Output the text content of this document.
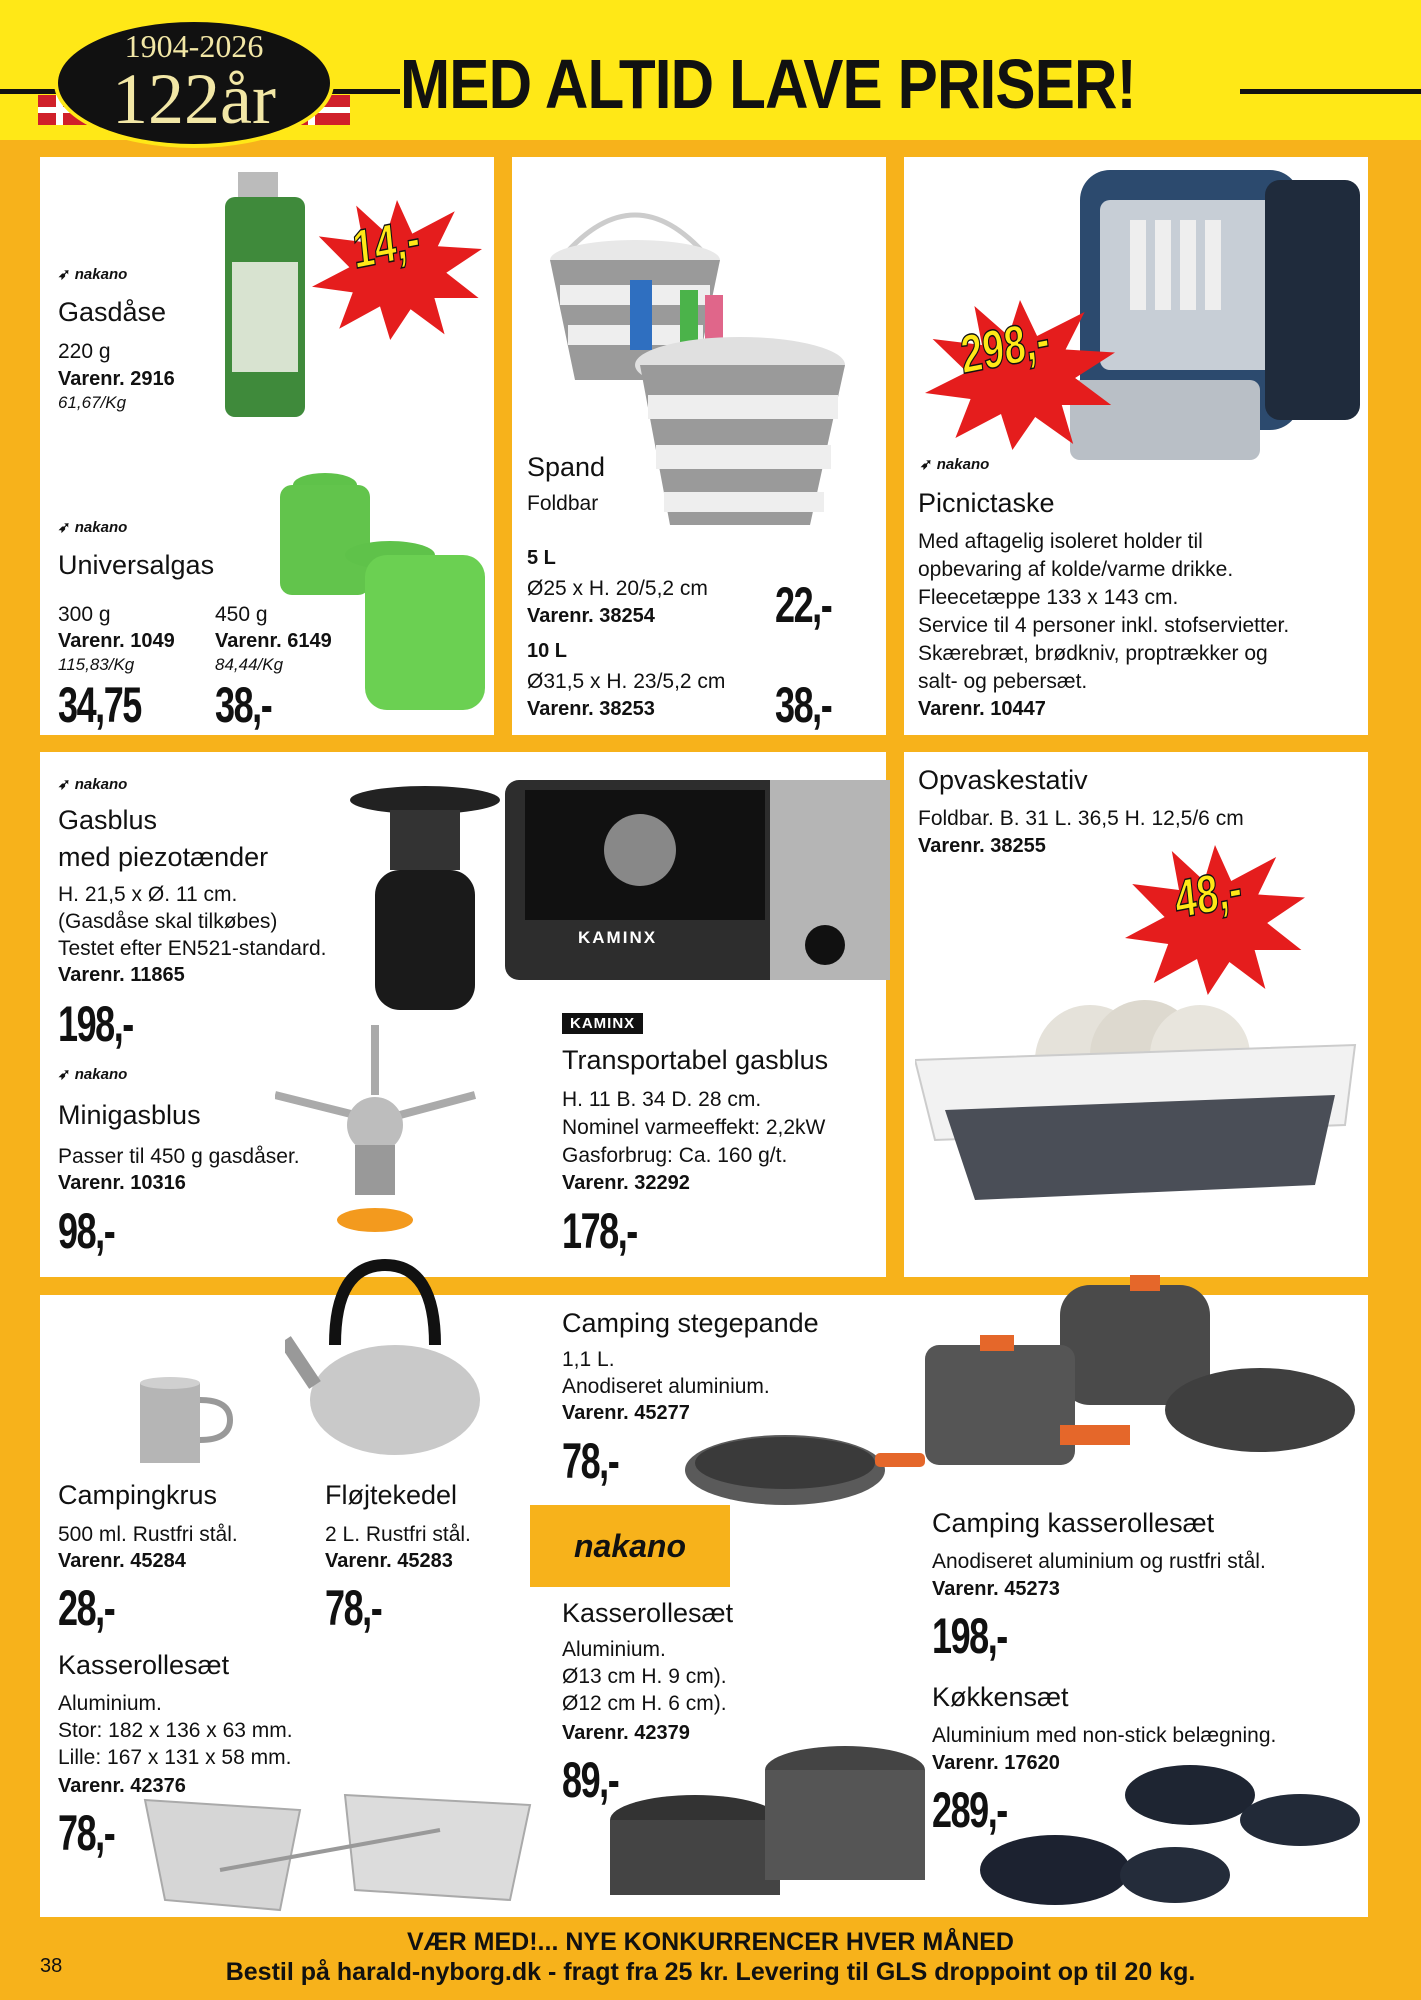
1904-2026
122år	MED ALTID LAVE PRISER!
14,-
➶ nakano
Gasdåse
220 g
Varenr. 2916
61,67/Kg
➶ nakano
Universalgas
300 g
Varenr. 1049
115,83/Kg
34,75
450 g
Varenr. 6149
84,44/Kg
38,-
Spand
Foldbar
5 L
Ø25 x H. 20/5,2 cm
Varenr. 38254 22,-
10 L
Ø31,5 x H. 23/5,2 cm
Varenr. 38253 38,-
298,-
➶ nakano
Picnictaske
Med aftagelig isoleret holder til
opbevaring af kolde/varme drikke.
Fleecetæppe 133 x 143 cm.
Service til 4 personer inkl. stofservietter.
Skærebræt, brødkniv, proptrækker og
salt- og pebersæt.
Varenr. 10447
KAMINX
➶ nakano
Gasblus
med piezotænder
H. 21,5 x Ø. 11 cm.
(Gasdåse skal tilkøbes)
Testet efter EN521-standard.
Varenr. 11865
198,-
➶ nakano
Minigasblus
Passer til 450 g gasdåser.
Varenr. 10316
98,-
KAMINX
Transportabel gasblus
H. 11 B. 34 D. 28 cm.
Nominel varmeeffekt: 2,2kW
Gasforbrug: Ca. 160 g/t.
Varenr. 32292
178,-
Opvaskestativ
Foldbar. B. 31 L. 36,5 H. 12,5/6 cm
Varenr. 38255
48,-
Campingkrus
500 ml. Rustfri stål.
Varenr. 45284
28,-
Fløjtekedel
2 L. Rustfri stål.
Varenr. 45283
78,-
Kasserollesæt
Aluminium.
Stor: 182 x 136 x 63 mm.
Lille: 167 x 131 x 58 mm.
Varenr. 42376
78,-
Camping stegepande
1,1 L.
Anodiseret aluminium.
Varenr. 45277
78,-
nakano
Kasserollesæt
Aluminium.
Ø13 cm H. 9 cm).
Ø12 cm H. 6 cm).
Varenr. 42379
89,-
Camping kasserollesæt
Anodiseret aluminium og rustfri stål.
Varenr. 45273
198,-
Køkkensæt
Aluminium med non-stick belægning.
Varenr. 17620
289,-
VÆR MED!... NYE KONKURRENCER HVER MÅNED
Bestil på harald-nyborg.dk - fragt fra 25 kr. Levering til GLS droppoint op til 20 kg.
38
